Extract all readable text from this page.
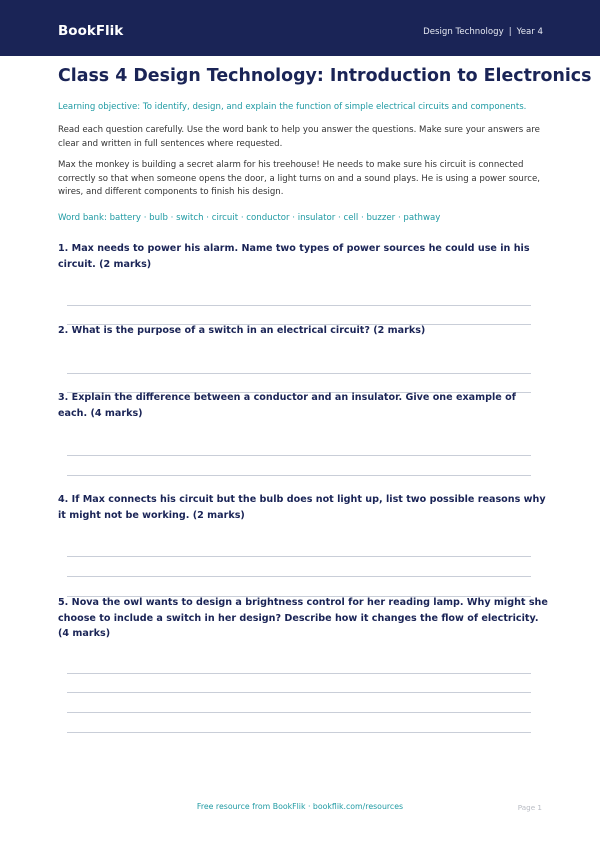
BookFlik	Design Technology | Year 4
Class 4 Design Technology: Introduction to Electronics
Learning objective: To identify, design, and explain the function of simple electrical circuits and components.
Read each question carefully. Use the word bank to help you answer the questions. Make sure your answers are clear and written in full sentences where requested.
Max the monkey is building a secret alarm for his treehouse! He needs to make sure his circuit is connected correctly so that when someone opens the door, a light turns on and a sound plays. He is using a power source, wires, and different components to finish his design.
Word bank: battery · bulb · switch · circuit · conductor · insulator · cell · buzzer · pathway
1. Max needs to power his alarm. Name two types of power sources he could use in his circuit. (2 marks)
2. What is the purpose of a switch in an electrical circuit? (2 marks)
3. Explain the difference between a conductor and an insulator. Give one example of each. (4 marks)
4. If Max connects his circuit but the bulb does not light up, list two possible reasons why it might not be working. (2 marks)
5. Nova the owl wants to design a brightness control for her reading lamp. Why might she choose to include a switch in her design? Describe how it changes the flow of electricity. (4 marks)
Free resource from BookFlik · bookflik.com/resources	Page 1
